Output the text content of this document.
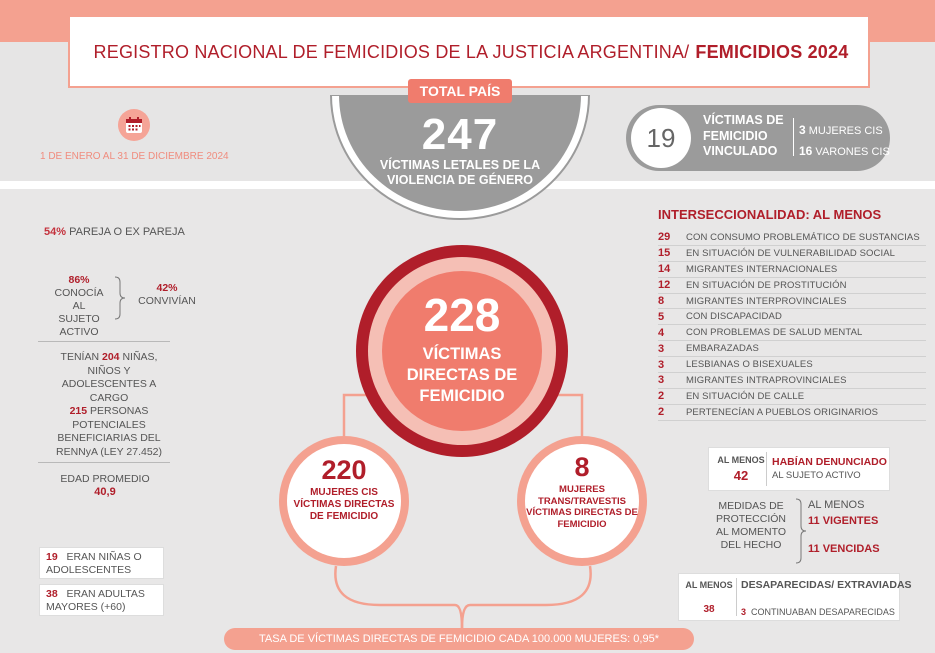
REGISTRO NACIONAL DE FEMICIDIOS DE LA JUSTICIA ARGENTINA/ FEMICIDIOS 2024
TOTAL PAÍS
247
VÍCTIMAS LETALES DE LA VIOLENCIA DE GÉNERO
1 DE ENERO AL 31 DE DICIEMBRE 2024
19
VÍCTIMAS DE FEMICIDIO VINCULADO
3 MUJERES CIS
16 VARONES CIS
54% PAREJA O EX PAREJA
86%
CONOCÍA AL SUJETO ACTIVO
42%
CONVIVÍAN
TENÍAN 204 NIÑAS, NIÑOS Y ADOLESCENTES A CARGO
215 PERSONAS POTENCIALES BENEFICIARIAS DEL RENNyA (LEY 27.452)
EDAD PROMEDIO
40,9
19 ERAN NIÑAS O ADOLESCENTES
38 ERAN ADULTAS MAYORES (+60)
228
VÍCTIMAS DIRECTAS DE FEMICIDIO
220
MUJERES CIS VÍCTIMAS DIRECTAS DE FEMICIDIO
8
MUJERES TRANS/TRAVESTIS VÍCTIMAS DIRECTAS DE FEMICIDIO
TASA DE VÍCTIMAS DIRECTAS DE FEMICIDIO CADA 100.000 MUJERES: 0,95*
INTERSECCIONALIDAD: AL MENOS
29	CON CONSUMO PROBLEMÁTICO DE SUSTANCIAS
15	EN SITUACIÓN DE VULNERABILIDAD SOCIAL
14	MIGRANTES INTERNACIONALES
12	EN SITUACIÓN DE PROSTITUCIÓN
8	MIGRANTES INTERPROVINCIALES
5	CON DISCAPACIDAD
4	CON PROBLEMAS DE SALUD MENTAL
3	EMBARAZADAS
3	LESBIANAS O BISEXUALES
3	MIGRANTES INTRAPROVINCIALES
2	EN SITUACIÓN DE CALLE
2	PERTENECÍAN A PUEBLOS ORIGINARIOS
AL MENOS
42
HABÍAN DENUNCIADO
AL SUJETO ACTIVO
MEDIDAS DE PROTECCIÓN AL MOMENTO DEL HECHO
AL MENOS
11 VIGENTES
11 VENCIDAS
AL MENOS
38
DESAPARECIDAS/ EXTRAVIADAS
3 CONTINUABAN DESAPARECIDAS
